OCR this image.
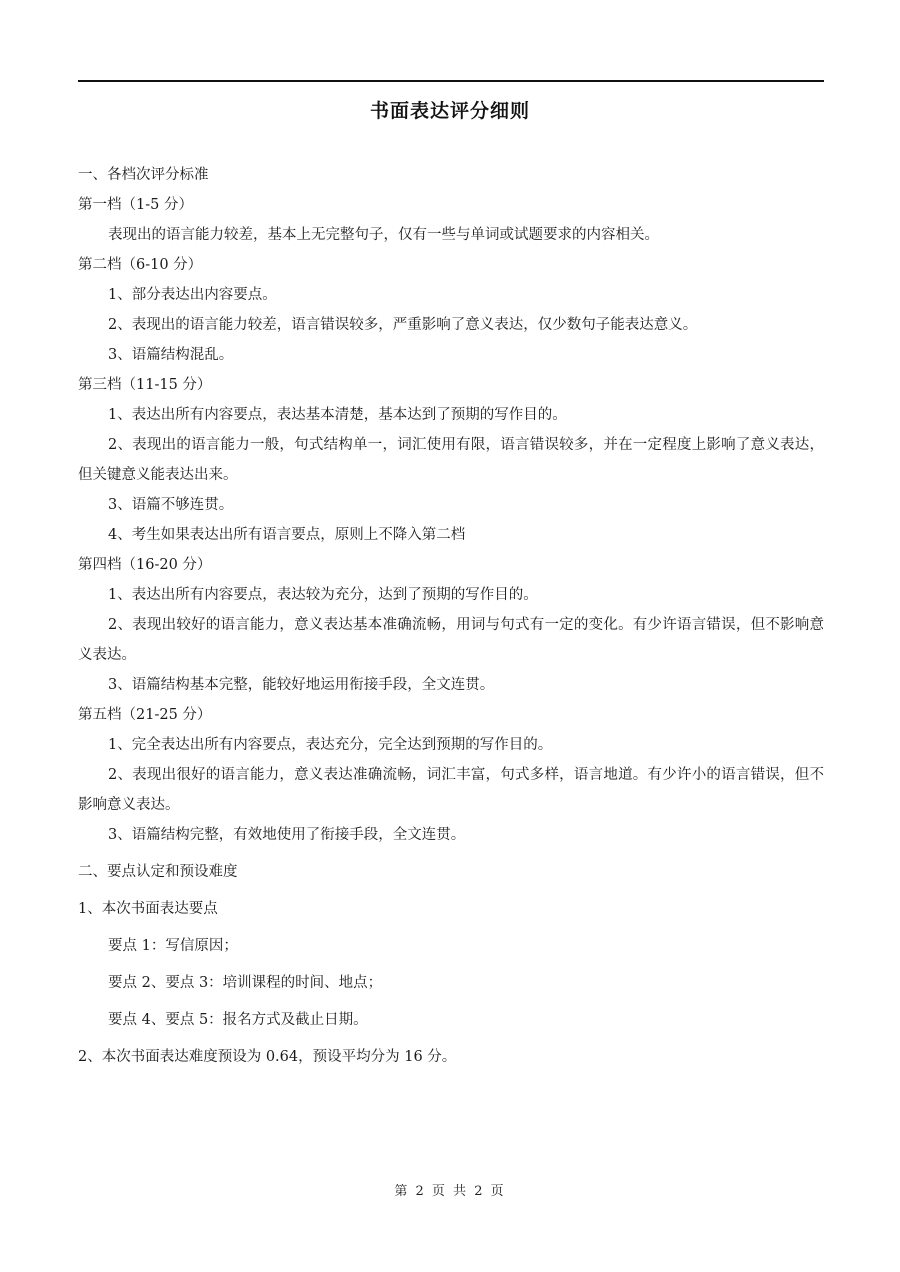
书面表达评分细则
一、各档次评分标准
第一档（1-5 分）
表现出的语言能力较差，基本上无完整句子，仅有一些与单词或试题要求的内容相关。
第二档（6-10 分）
1、部分表达出内容要点。
2、表现出的语言能力较差，语言错误较多，严重影响了意义表达，仅少数句子能表达意义。
3、语篇结构混乱。
第三档（11-15 分）
1、表达出所有内容要点，表达基本清楚，基本达到了预期的写作目的。
2、表现出的语言能力一般，句式结构单一，词汇使用有限，语言错误较多，并在一定程度上影响了意义表达，但关键意义能表达出来。
3、语篇不够连贯。
4、考生如果表达出所有语言要点，原则上不降入第二档
第四档（16-20 分）
1、表达出所有内容要点，表达较为充分，达到了预期的写作目的。
2、表现出较好的语言能力，意义表达基本准确流畅，用词与句式有一定的变化。有少许语言错误，但不影响意义表达。
3、语篇结构基本完整，能较好地运用衔接手段，全文连贯。
第五档（21-25 分）
1、完全表达出所有内容要点，表达充分，完全达到预期的写作目的。
2、表现出很好的语言能力，意义表达准确流畅，词汇丰富，句式多样，语言地道。有少许小的语言错误，但不影响意义表达。
3、语篇结构完整，有效地使用了衔接手段，全文连贯。
二、要点认定和预设难度
1、本次书面表达要点
要点 1：写信原因；
要点 2、要点 3：培训课程的时间、地点；
要点 4、要点 5：报名方式及截止日期。
2、本次书面表达难度预设为 0.64，预设平均分为 16 分。
第 2 页 共 2 页
